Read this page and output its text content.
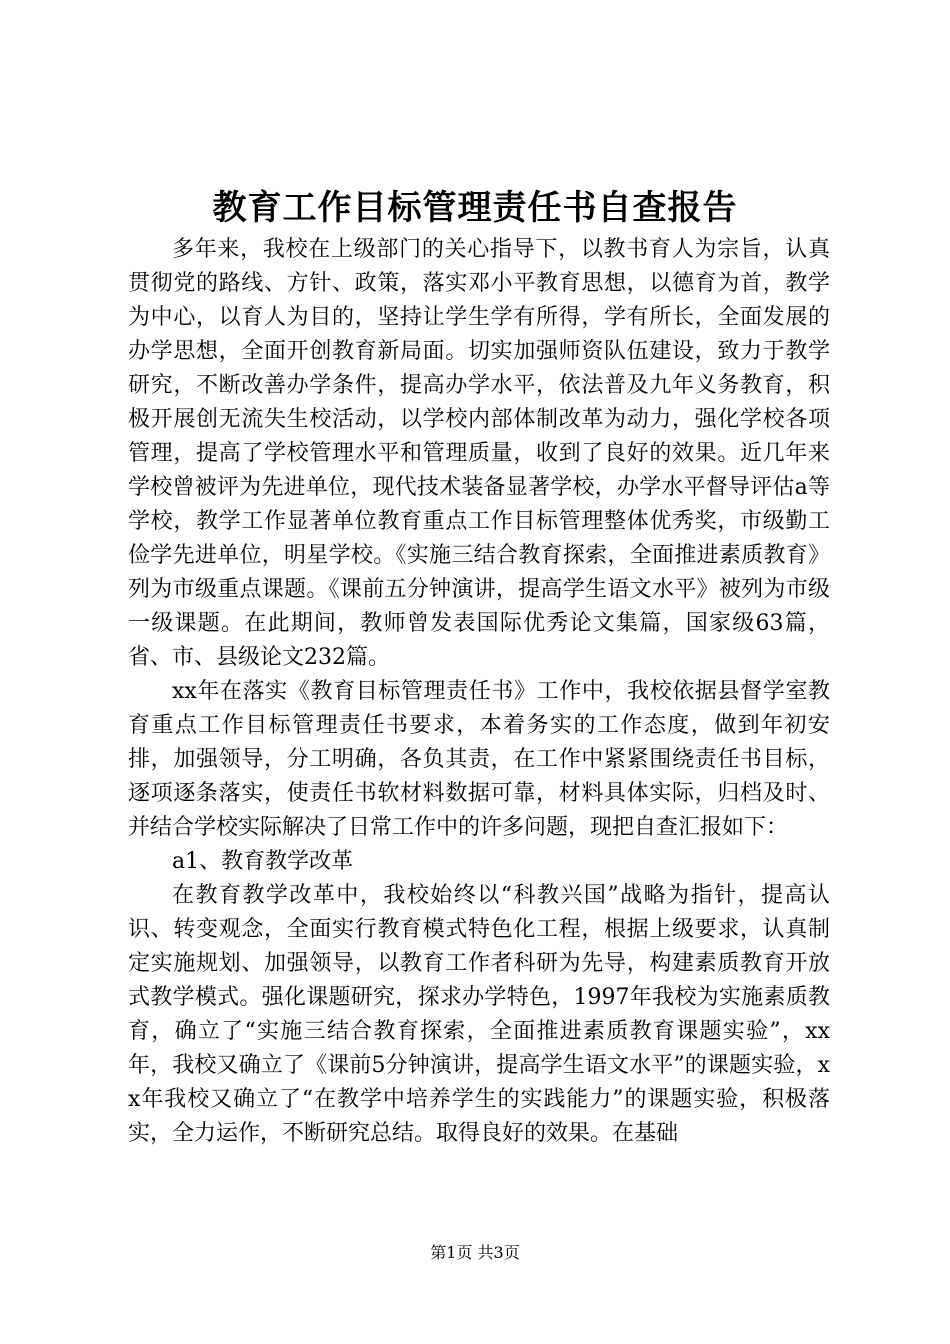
教育工作目标管理责任书自查报告

多年来，我校在上级部门的关心指导下，以教书育人为宗旨，认真贯彻党的路线、方针、政策，落实邓小平教育思想，以德育为首，教学为中心，以育人为目的，坚持让学生学有所得，学有所长，全面发展的办学思想，全面开创教育新局面。切实加强师资队伍建设，致力于教学研究，不断改善办学条件，提高办学水平，依法普及九年义务教育，积极开展创无流失生校活动，以学校内部体制改革为动力，强化学校各项管理，提高了学校管理水平和管理质量，收到了良好的效果。近几年来学校曾被评为先进单位，现代技术装备显著学校，办学水平督导评估a等学校，教学工作显著单位教育重点工作目标管理整体优秀奖，市级勤工俭学先进单位，明星学校。《实施三结合教育探索，全面推进素质教育》列为市级重点课题。《课前五分钟演讲，提高学生语文水平》被列为市级一级课题。在此期间，教师曾发表国际优秀论文集篇，国家级63篇，省、市、县级论文232篇。

xx年在落实《教育目标管理责任书》工作中，我校依据县督学室教育重点工作目标管理责任书要求，本着务实的工作态度，做到年初安排，加强领导，分工明确，各负其责，在工作中紧紧围绕责任书目标，逐项逐条落实，使责任书软材料数据可靠，材料具体实际，归档及时、并结合学校实际解决了日常工作中的许多问题，现把自查汇报如下：

a1、教育教学改革

在教育教学改革中，我校始终以“科教兴国”战略为指针，提高认识、转变观念，全面实行教育模式特色化工程，根据上级要求，认真制定实施规划、加强领导，以教育工作者科研为先导，构建素质教育开放式教学模式。强化课题研究，探求办学特色，1997年我校为实施素质教育，确立了“实施三结合教育探索，全面推进素质教育课题实验”，xx年，我校又确立了《课前5分钟演讲，提高学生语文水平”的课题实验，xx年我校又确立了“在教学中培养学生的实践能力”的课题实验，积极落实，全力运作，不断研究总结。取得良好的效果。在基础

第1页 共3页
